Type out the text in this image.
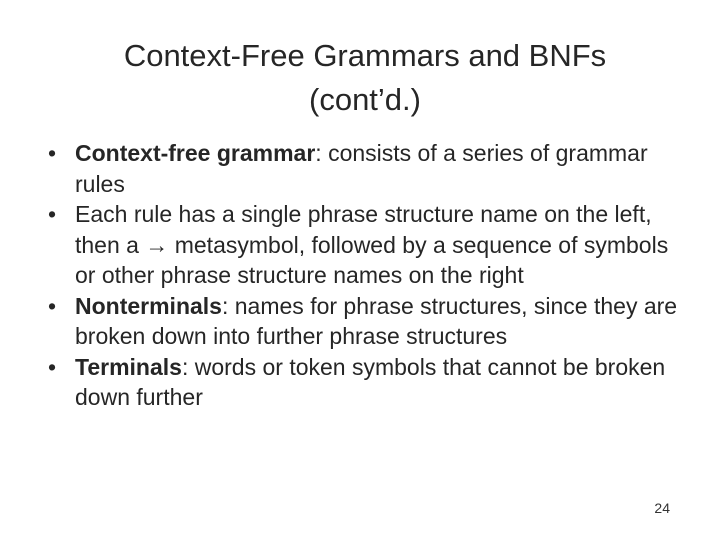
Context-Free Grammars and BNFs
(cont’d.)
• Context-free grammar: consists of a series of grammar rules
• Each rule has a single phrase structure name on the left, then a → metasymbol, followed by a sequence of symbols or other phrase structure names on the right
• Nonterminals: names for phrase structures, since they are broken down into further phrase structures
• Terminals: words or token symbols that cannot be broken down further
24
